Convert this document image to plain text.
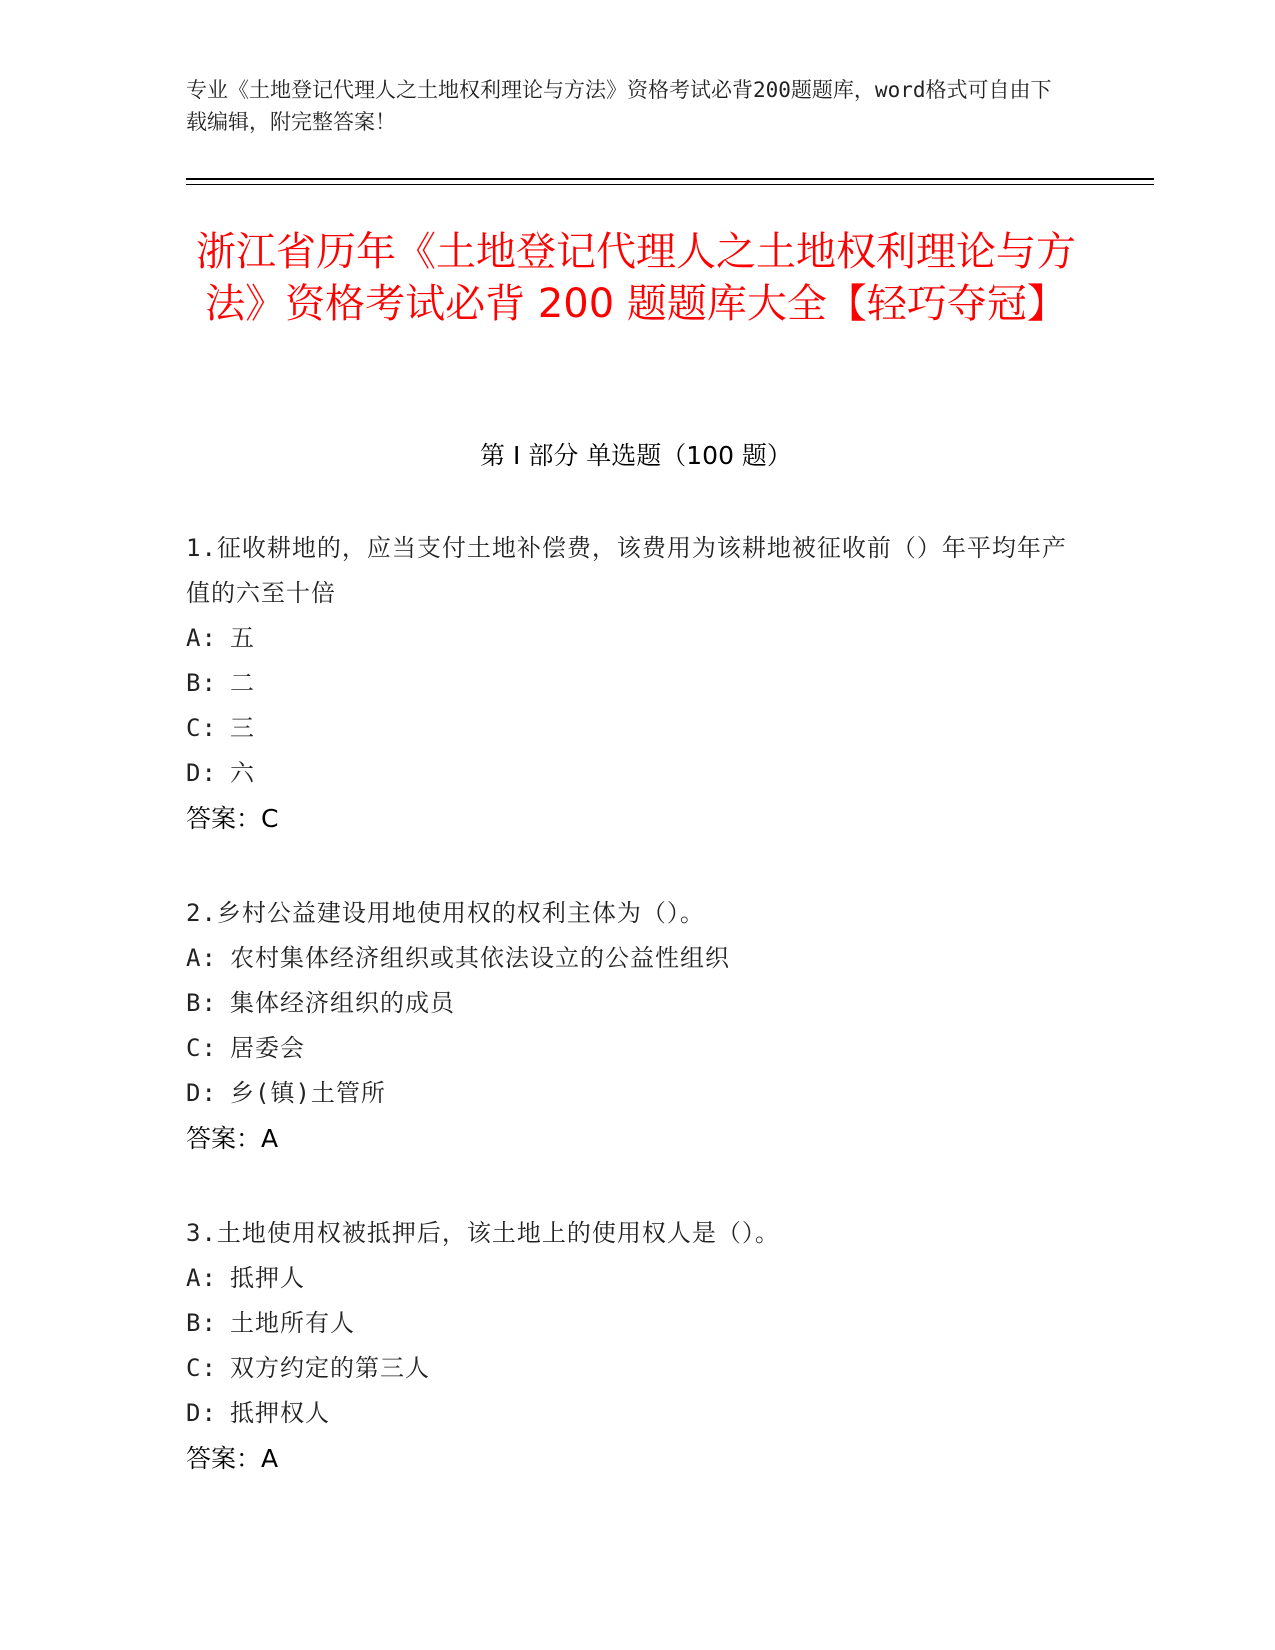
专业《土地登记代理人之土地权利理论与方法》资格考试必背200题题库，word格式可自由下载编辑，附完整答案！
浙江省历年《土地登记代理人之土地权利理论与方法》资格考试必背 200 题题库大全【轻巧夺冠】
第 I 部分 单选题（100 题）
1.征收耕地的，应当支付土地补偿费，该费用为该耕地被征收前（）年平均年产值的六至十倍
A: 五
B: 二
C: 三
D: 六
答案：C
2.乡村公益建设用地使用权的权利主体为（）。
A: 农村集体经济组织或其依法设立的公益性组织
B: 集体经济组织的成员
C: 居委会
D: 乡(镇)土管所
答案：A
3.土地使用权被抵押后，该土地上的使用权人是（）。
A: 抵押人
B: 土地所有人
C: 双方约定的第三人
D: 抵押权人
答案：A
